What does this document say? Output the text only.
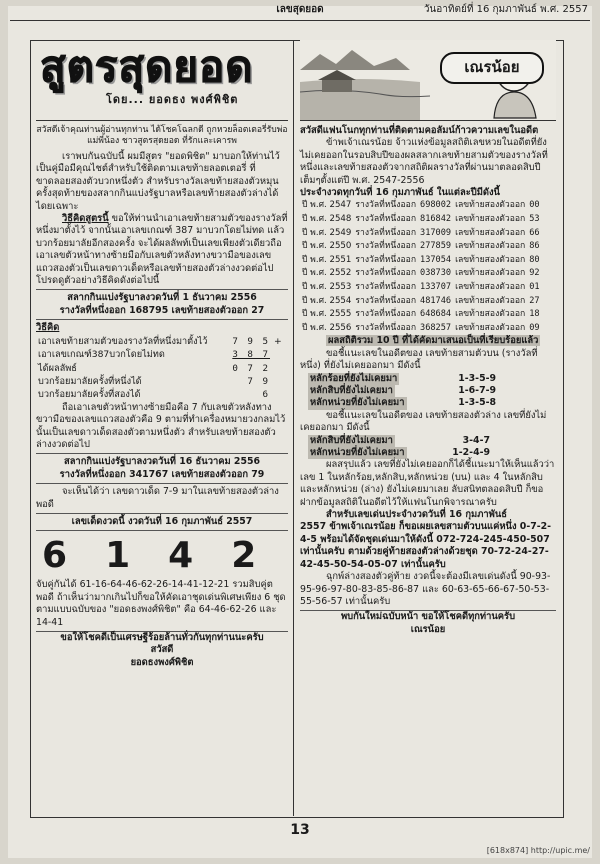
เลขสุดยอด	วันอาทิตย์ที่ 16 กุมภาพันธ์ พ.ศ. 2557
สูตรสุดยอด
โดย... ยอดธง พงศ์พิชิต

สวัสดีเจ้าคุณท่านผู้อ่านทุกท่าน ได้โชคโฉลกดี ถูกหวยล็อตเตอรี่รับพ่อแม่พี่น้อง ชาวสูตรสุดยอด ที่รักและเคารพ

เราพบกันฉบับนี้ ผมมีสูตร "ยอดพิชิต" มาบอกให้ท่านไว้เป็นคู่มือมีคุณไชต์สำหรับใช้ติดตามเลขท้ายลอตเตอรี่ ที่ขาดลอยสองตัวบวกหนึ่งตัว สำหรับรางวัลเลขท้ายสองตัวหมุนครั้งสุดท้ายของสลากกินแบ่งรัฐบาลหรือเลขท้ายสองตัวล่างได้ไดยเฉพาะ

วิธีคิดสูตรนี้ ขอให้ท่านนำเอาเลขท้ายสามตัวของรางวัลที่หนึ่งมาตั้งไว้ จากนั้นเอาเลขเกณฑ์ 387 มาบวกโดยไม่ทด แล้วบวกร้อยมาลัยอีกสองครั้ง จะได้ผลลัพท์เป็นเลขเพียงตัวเดียวถือเอาเลขตัวหน้าทางซ้ายมือกับเลขตัวหลังทางขวามือของเลขแถวสองตัวเป็นเลขดาวเด็ดหรือเลขท้ายสองตัวล่างงวดต่อไป โปรดดูตัวอย่างวิธีคิดดังต่อไปนี้

สลากกินแบ่งรัฐบาลงวดวันที่ 1 ธันวาคม 2556

รางวัลที่หนึ่งออก 168795 เลขท้ายสองตัวออก 27

วิธีคิด

เอาเลขท้ายสามตัวของรางวัลที่หนึ่งมาตั้งไว้	7 9 5	+
เอาเลขเกณฑ์387บวกโดยไม่ทด	3 8 7	
ได้ผลลัพธ์	0 7 2	
บวกร้อยมาลัยครั้งที่หนึ่งได้	7 9	
บวกร้อยมาลัยครั้งที่สองได้	6	

ถือเอาเลขตัวหน้าทางซ้ายมือคือ 7 กับเลขตัวหลังทางขวามือของเลขแถวสองตัวคือ 9 ตามที่ทำเครื่องหมายวงกลมไว้นั้นเป็นเลขดาวเด็ดสองตัวตามหนึ่งตัว สำหรับเลขท้ายสองตัวล่างงวดต่อไป

สลากกินแบ่งรัฐบาลงวดวันที่ 16 ธันวาคม 2556

รางวัลที่หนึ่งออก 341767 เลขท้ายสองตัวออก 79

จะเห็นได้ว่า เลขดาวเด็ด 7-9 มาในเลขท้ายสองตัวล่างพอดี

เลขเด็ดงวดนี้ งวดวันที่ 16 กุมภาพันธ์ 2557

6 1 4 2

จับคู่กันได้ 61-16-64-46-62-26-14-41-12-21 รวมสิบคู่ตพอดี ถ้าเห็นว่ามากเกินไปก็ขอให้คัดเอาชุดเด่นพิเศษเพียง 6 ชุด ตามแบบฉบับของ "ยอดธงพงศ์พิชิต" คือ 64-46-62-26 และ 14-41

ขอให้โชคดีเป็นเศรษฐีร้อยล้านทั่วกันทุกท่านนะครับ

สวัสดี

ยอดธงพงศ์พิชิต

เณรน้อย

สวัสดีแฟนโนกทุกท่านที่ติดตามคอลัมน์ก้าวความเลขในอดีต

ข้าพเจ้าเณรน้อย จ้าวแห่งข้อมูลสถิติเลขหวยในอดีตที่ยังไม่เคยออกในรอบสิบปีของผลสลากเลขท้ายสามตัวของรางวัลที่หนึ่งและเลขท้ายสองตัวจากสถิติผลรางวัลที่ผ่านมาตลอดสิบปีเต็มๆตั้งแต่ปี พ.ศ. 2547-2556

ประจำงวดทุกวันที่ 16 กุมภาพันธ์ ในแต่ละปีมีดังนี้

ปี พ.ศ. 2547	รางวัลที่หนึ่งออก	698002	เลขท้ายสองตัวออก	00
ปี พ.ศ. 2548	รางวัลที่หนึ่งออก	816842	เลขท้ายสองตัวออก	53
ปี พ.ศ. 2549	รางวัลที่หนึ่งออก	317009	เลขท้ายสองตัวออก	66
ปี พ.ศ. 2550	รางวัลที่หนึ่งออก	277859	เลขท้ายสองตัวออก	86
ปี พ.ศ. 2551	รางวัลที่หนึ่งออก	137054	เลขท้ายสองตัวออก	80
ปี พ.ศ. 2552	รางวัลที่หนึ่งออก	038730	เลขท้ายสองตัวออก	92
ปี พ.ศ. 2553	รางวัลที่หนึ่งออก	133707	เลขท้ายสองตัวออก	01
ปี พ.ศ. 2554	รางวัลที่หนึ่งออก	481746	เลขท้ายสองตัวออก	27
ปี พ.ศ. 2555	รางวัลที่หนึ่งออก	648684	เลขท้ายสองตัวออก	18
ปี พ.ศ. 2556	รางวัลที่หนึ่งออก	368257	เลขท้ายสองตัวออก	09

ผลสถิติรวม 10 ปี ที่ได้คัดมาเสนอเป็นที่เรียบร้อยแล้ว

ขอชี้แนะเลขในอดีตของ เลขท้ายสามตัวบน (รางวัลที่หนึ่ง) ที่ยังไม่เคยออกมา มีดังนี้

หลักร้อยที่ยังไม่เคยมา	1-3-5-9
หลักสิบที่ยังไม่เคยมา	1-6-7-9
หลักหน่วยที่ยังไม่เคยมา	1-3-5-8

ขอชี้แนะเลขในอดีตของ เลขท้ายสองตัวล่าง เลขที่ยังไม่เคยออกมา มีดังนี้

หลักสิบที่ยังไม่เคยมา	3-4-7
หลักหน่วยที่ยังไม่เคยมา	1-2-4-9

ผลสรุปแล้ว เลขที่ยังไม่เคยออกก็ได้ชี้แนะมาให้เห็นแล้วว่าเลข 1 ในหลักร้อย,หลักสิบ,หลักหน่วย (บน) และ 4 ในหลักสิบและหลักหน่วย (ล่าง) ยังไม่เคยมาเลย ลับสนิทตลอดสิบปี ก็ขอฝากข้อมูลสถิติในอดีตไว้ให้แฟนโนกพิจารณาครับ

สำหรับเลขเด่นประจำงวดวันที่ 16 กุมภาพันธ์

2557 ข้าพเจ้าเณรน้อย ก็ขอเผยเลขสามตัวบนแค่หนึ่ง 0-7-2-4-5 พร้อมได้จัดชุดเด่นมาให้ดังนี้ 072-724-245-450-507 เท่านั้นครับ ตามด้วยคู่ท้ายสองตัวล่างด้วยชุด 70-72-24-27-42-45-50-54-05-07 เท่านั้นครับ

ฉุกพ์ล่างสองตัวคู่ท้าย งวดนี้จะต้องมีเลขเด่นดังนี้ 90-93-95-96-97-80-83-85-86-87 และ 60-63-65-66-67-50-53-55-56-57 เท่านั้นครับ

พบกันใหม่ฉบับหน้า ขอให้โชคดีทุกท่านครับ

เณรน้อย

13
[618x874] http://upic.me/
